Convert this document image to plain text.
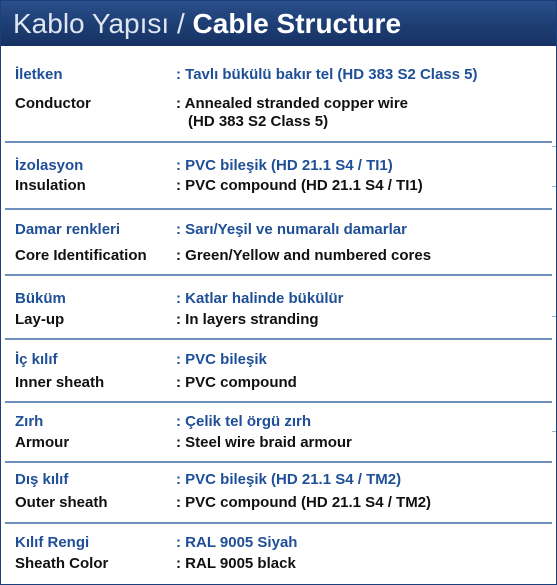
Kablo Yapısı / Cable Structure
İletken	: Tavlı bükülü bakır tel (HD 383 S2 Class 5)
Conductor	: Annealed stranded copper wire
(HD 383 S2 Class 5)
İzolasyon	: PVC bileşik (HD 21.1 S4 / TI1)
Insulation	: PVC compound (HD 21.1 S4 / TI1)
Damar renkleri	: Sarı/Yeşil ve numaralı damarlar
Core Identification : Green/Yellow and numbered cores
Büküm	: Katlar halinde bükülür
Lay-up	: In layers stranding
İç kılıf	: PVC bileşik
Inner sheath	: PVC compound
Zırh	: Çelik tel örgü zırh
Armour	: Steel wire braid armour
Dış kılıf	: PVC bileşik (HD 21.1 S4 / TM2)
Outer sheath	: PVC compound (HD 21.1 S4 / TM2)
Kılıf Rengi	: RAL 9005 Siyah
Sheath Color	: RAL 9005 black
